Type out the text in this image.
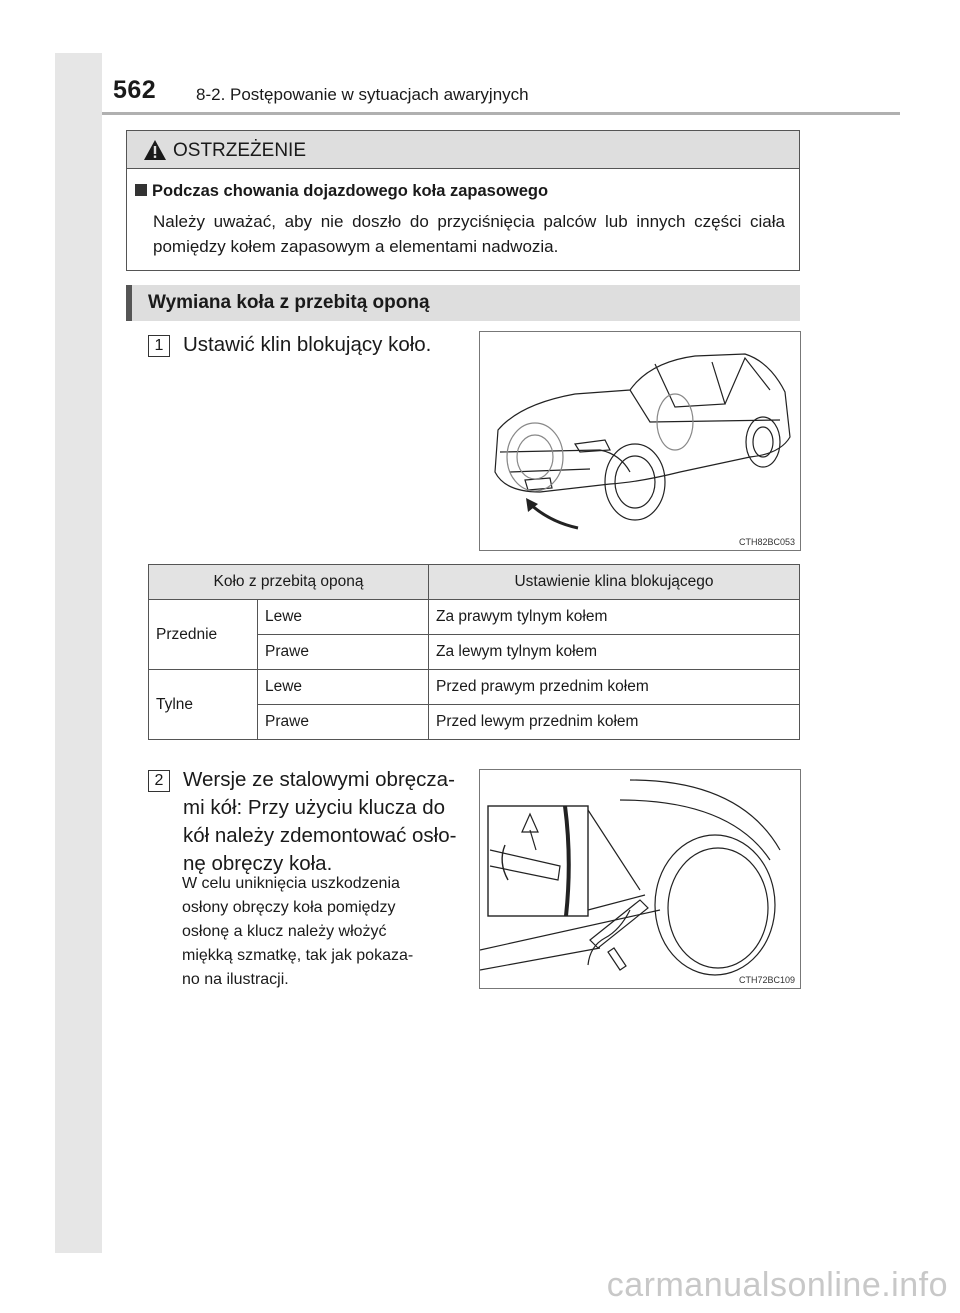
562 8-2. Postępowanie w sytuacjach awaryjnych
OSTRZEŻENIE
Podczas chowania dojazdowego koła zapasowego
Należy uważać, aby nie doszło do przyciśnięcia palców lub innych części ciała pomiędzy kołem zapasowym a elementami nadwozia.
Wymiana koła z przebitą oponą
1 Ustawić klin blokujący koło.
CTH82BC053
Koło z przebitą oponą		Ustawienie klina blokującego
Przednie	Lewe	Za prawym tylnym kołem
	Prawe	Za lewym tylnym kołem
Tylne	Lewe	Przed prawym przednim kołem
	Prawe	Przed lewym przednim kołem
2 Wersje ze stalowymi obręcza-
mi kół: Przy użyciu klucza do
kół należy zdemontować osło-
nę obręczy koła.
W celu uniknięcia uszkodzenia
osłony obręczy koła pomiędzy
osłonę a klucz należy włożyć
miękką szmatkę, tak jak pokaza-
no na ilustracji.	CTH72BC109
carmanualsonline.info
